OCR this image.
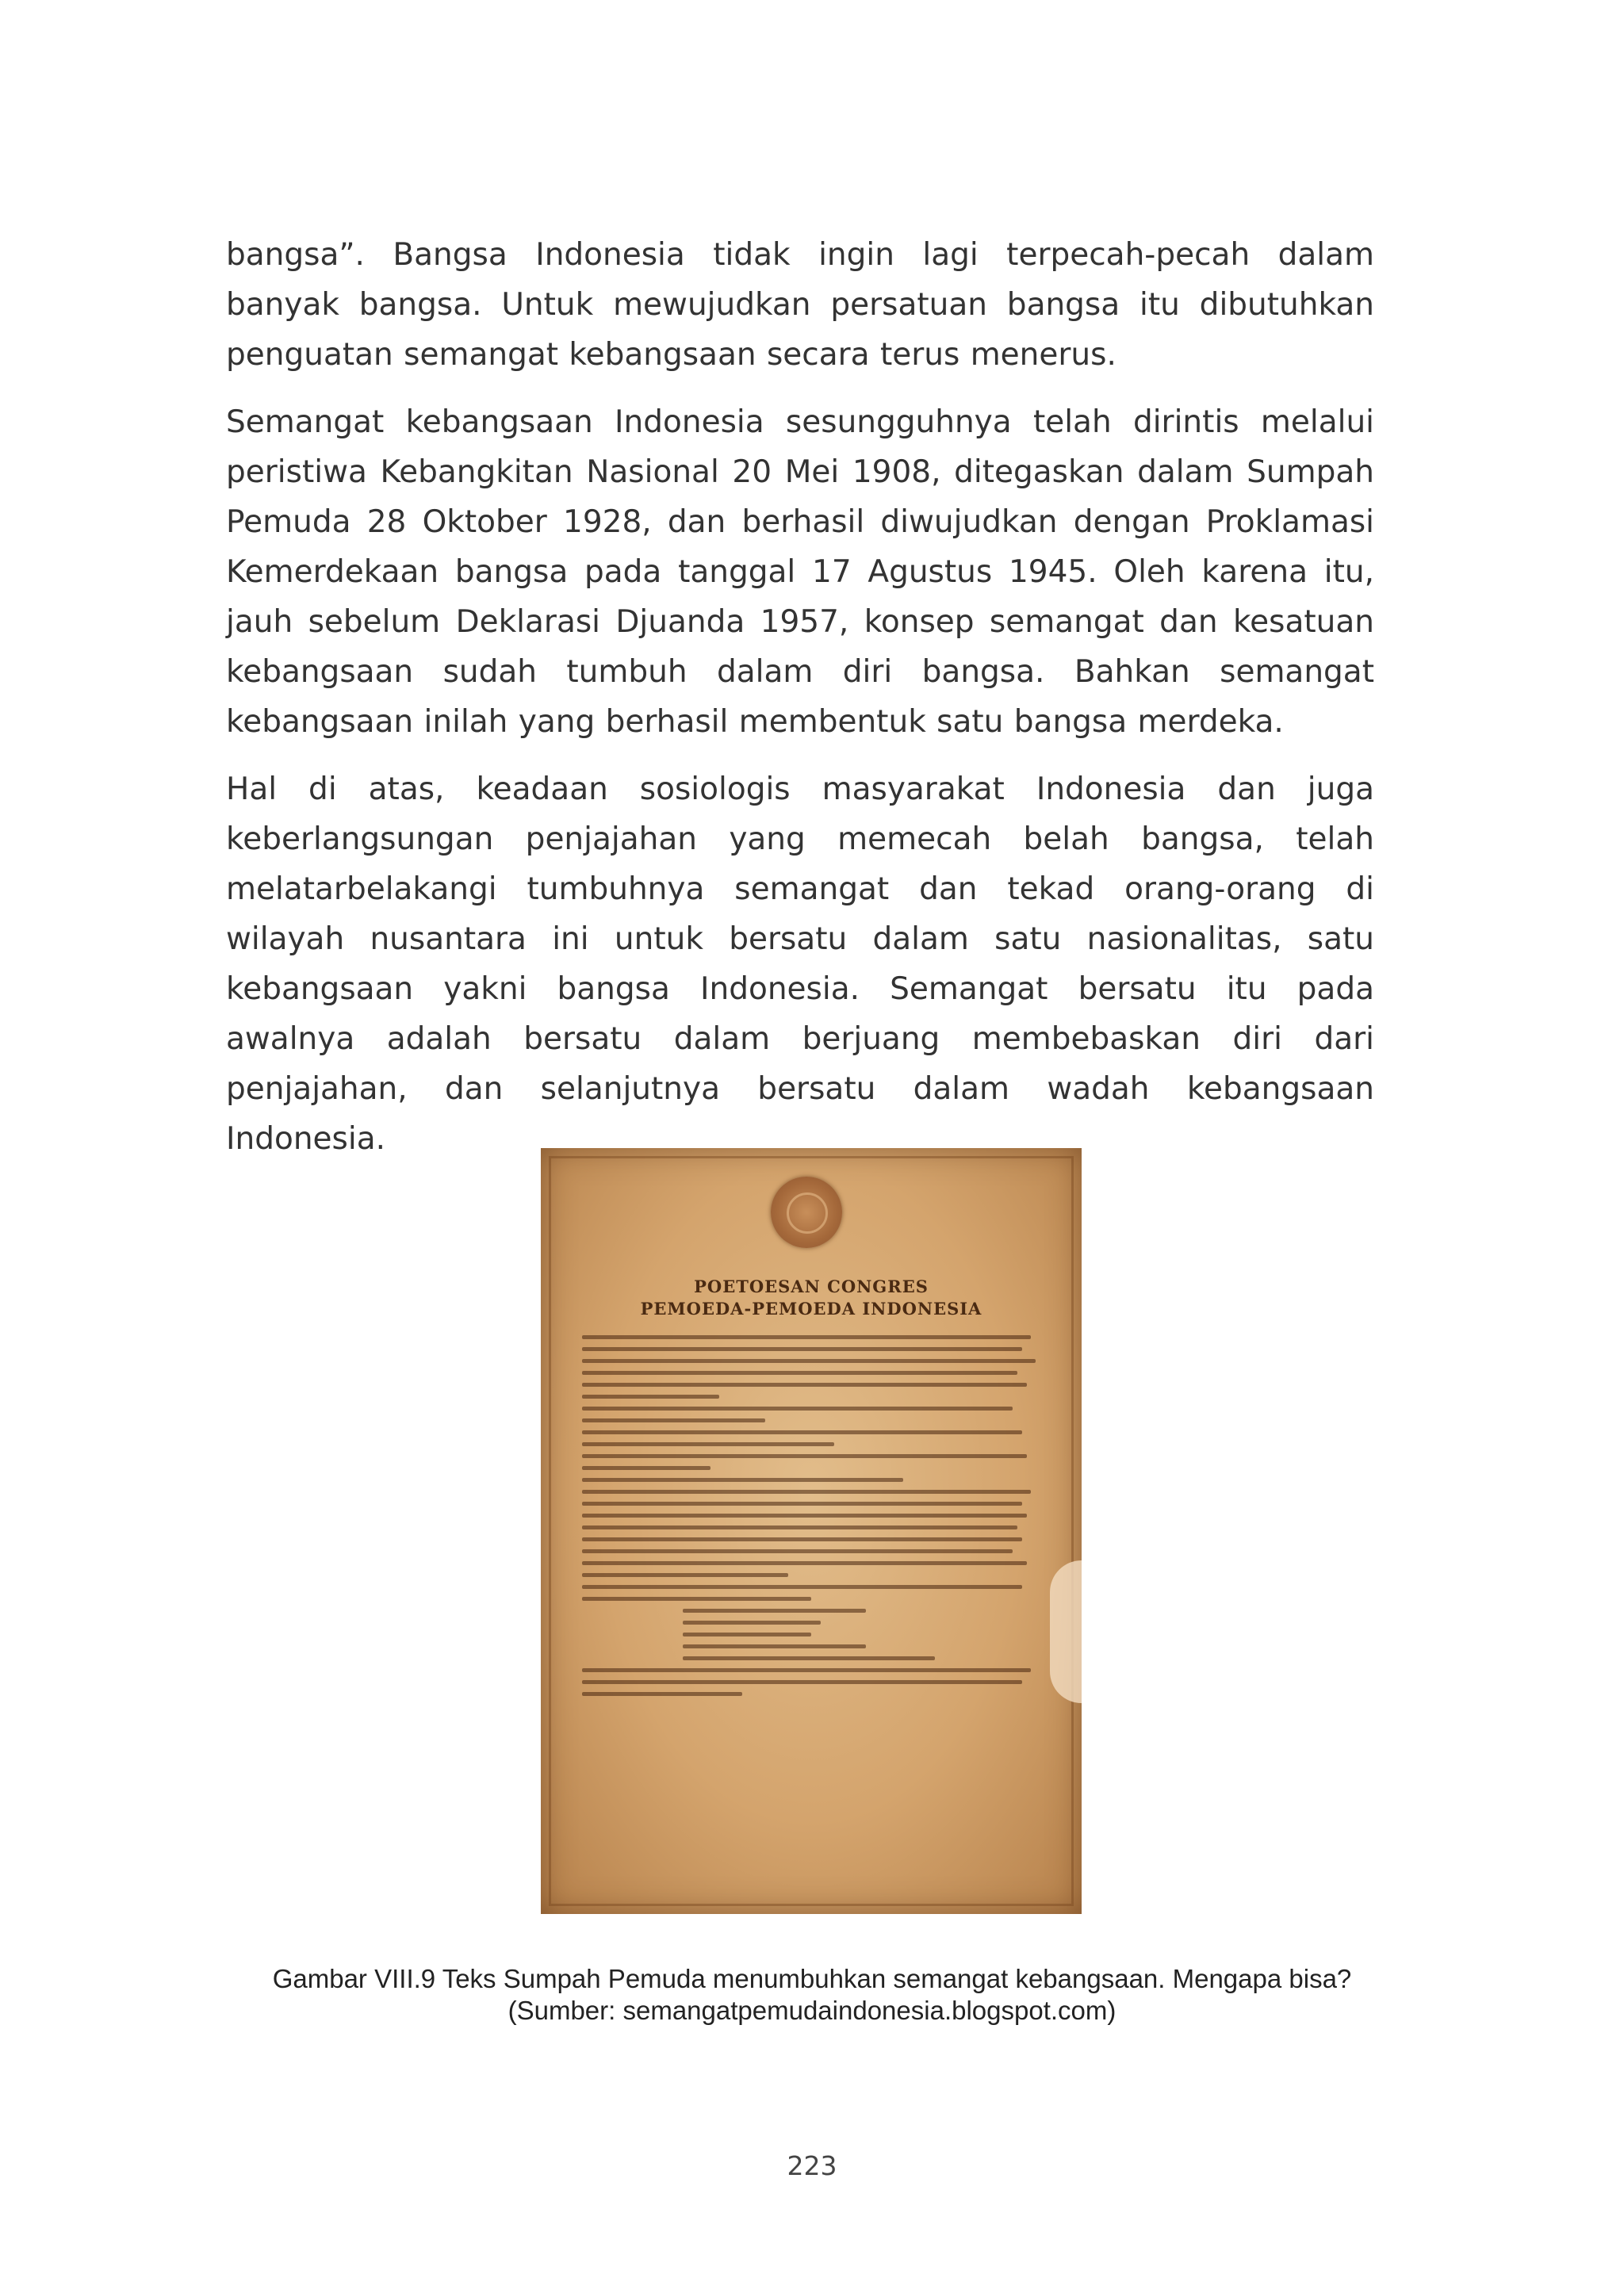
bangsa”. Bangsa Indonesia tidak ingin lagi terpecah-pecah dalam banyak bangsa. Untuk mewujudkan persatuan bangsa itu dibutuhkan penguatan semangat kebangsaan secara terus menerus.

Semangat kebangsaan Indonesia sesungguhnya telah dirintis melalui peristiwa Kebangkitan Nasional 20 Mei 1908, ditegaskan dalam Sumpah Pemuda 28 Oktober 1928, dan berhasil diwujudkan dengan Proklamasi Kemerdekaan bangsa pada tanggal 17 Agustus 1945. Oleh karena itu, jauh sebelum Deklarasi Djuanda 1957, konsep semangat dan kesatuan kebangsaan sudah tumbuh dalam diri bangsa. Bahkan semangat kebangsaan inilah yang berhasil membentuk satu bangsa merdeka.

Hal di atas, keadaan sosiologis masyarakat Indonesia dan juga keberlangsungan penjajahan yang memecah belah bangsa, telah melatarbelakangi tumbuhnya semangat dan tekad orang-orang di wilayah nusantara ini untuk bersatu dalam satu nasionalitas, satu kebangsaan yakni bangsa Indonesia. Semangat bersatu itu pada awalnya adalah bersatu dalam berjuang membebaskan diri dari penjajahan, dan selanjutnya bersatu dalam wadah kebangsaan Indonesia.

POETOESAN CONGRES

PEMOEDA-PEMOEDA INDONESIA

Gambar VIII.9 Teks Sumpah Pemuda menumbuhkan semangat kebangsaan. Mengapa bisa? (Sumber: semangatpemudaindonesia.blogspot.com)

223
